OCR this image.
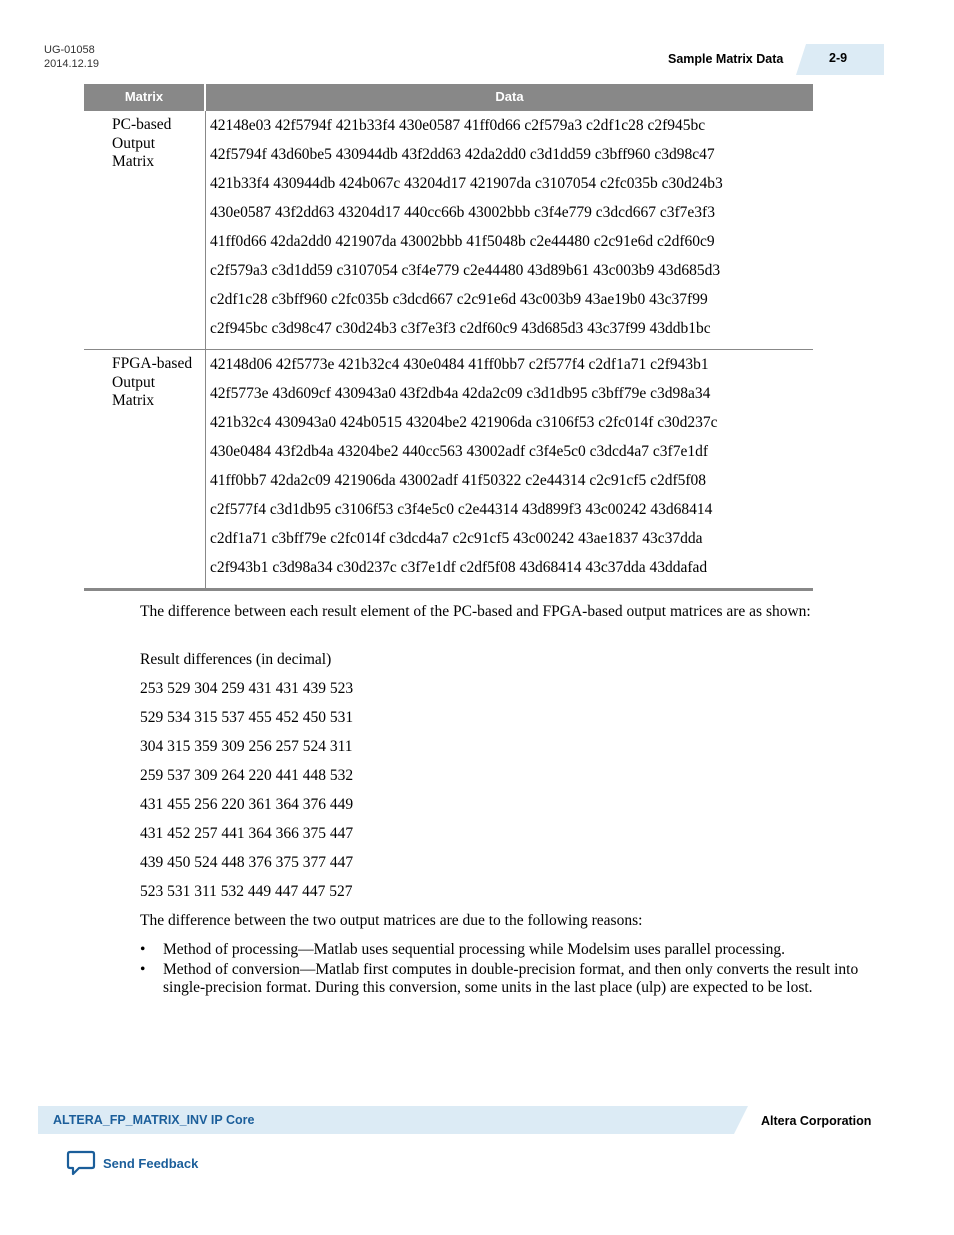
UG-01058
2014.12.19	Sample Matrix Data	2-9
Matrix	Data
PC-based
Output
Matrix
42148e03 42f5794f 421b33f4 430e0587 41ff0d66 c2f579a3 c2df1c28 c2f945bc
42f5794f 43d60be5 430944db 43f2dd63 42da2dd0 c3d1dd59 c3bff960 c3d98c47
421b33f4 430944db 424b067c 43204d17 421907da c3107054 c2fc035b c30d24b3
430e0587 43f2dd63 43204d17 440cc66b 43002bbb c3f4e779 c3dcd667 c3f7e3f3
41ff0d66 42da2dd0 421907da 43002bbb 41f5048b c2e44480 c2c91e6d c2df60c9
c2f579a3 c3d1dd59 c3107054 c3f4e779 c2e44480 43d89b61 43c003b9 43d685d3
c2df1c28 c3bff960 c2fc035b c3dcd667 c2c91e6d 43c003b9 43ae19b0 43c37f99
c2f945bc c3d98c47 c30d24b3 c3f7e3f3 c2df60c9 43d685d3 43c37f99 43ddb1bc
FPGA-based
Output
Matrix
42148d06 42f5773e 421b32c4 430e0484 41ff0bb7 c2f577f4 c2df1a71 c2f943b1
42f5773e 43d609cf 430943a0 43f2db4a 42da2c09 c3d1db95 c3bff79e c3d98a34
421b32c4 430943a0 424b0515 43204be2 421906da c3106f53 c2fc014f c30d237c
430e0484 43f2db4a 43204be2 440cc563 43002adf c3f4e5c0 c3dcd4a7 c3f7e1df
41ff0bb7 42da2c09 421906da 43002adf 41f50322 c2e44314 c2c91cf5 c2df5f08
c2f577f4 c3d1db95 c3106f53 c3f4e5c0 c2e44314 43d899f3 43c00242 43d68414
c2df1a71 c3bff79e c2fc014f c3dcd4a7 c2c91cf5 43c00242 43ae1837 43c37dda
c2f943b1 c3d98a34 c30d237c c3f7e1df c2df5f08 43d68414 43c37dda 43ddafad
The difference between each result element of the PC-based and FPGA-based output matrices are as shown:
Result differences (in decimal)
253 529 304 259 431 431 439 523
529 534 315 537 455 452 450 531
304 315 359 309 256 257 524 311
259 537 309 264 220 441 448 532
431 455 256 220 361 364 376 449
431 452 257 441 364 366 375 447
439 450 524 448 376 375 377 447
523 531 311 532 449 447 447 527
The difference between the two output matrices are due to the following reasons:
• Method of processing—Matlab uses sequential processing while Modelsim uses parallel processing.
• Method of conversion—Matlab first computes in double-precision format, and then only converts the result into single-precision format. During this conversion, some units in the last place (ulp) are expected to be lost.
ALTERA_FP_MATRIX_INV IP Core	Altera Corporation
Send Feedback
